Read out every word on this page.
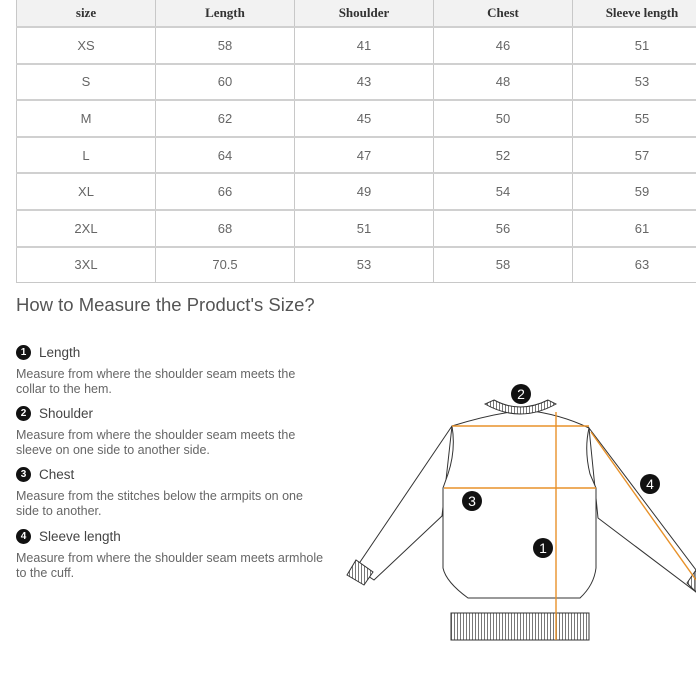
size	Length	Shoulder	Chest	Sleeve length
XS	58	41	46	51
S	60	43	48	53
M	62	45	50	55
L	64	47	52	57
XL	66	49	54	59
2XL	68	51	56	61
3XL	70.5	53	58	63
How to Measure the Product's Size?
1 Length
Measure from where the shoulder seam meets the collar to the hem.
2 Shoulder
Measure from where the shoulder seam meets the sleeve on one side to another side.
3 Chest
Measure from the stitches below the armpits on one side to another.
4 Sleeve length
Measure from where the shoulder seam meets armhole to the cuff.
2
3
1
4
